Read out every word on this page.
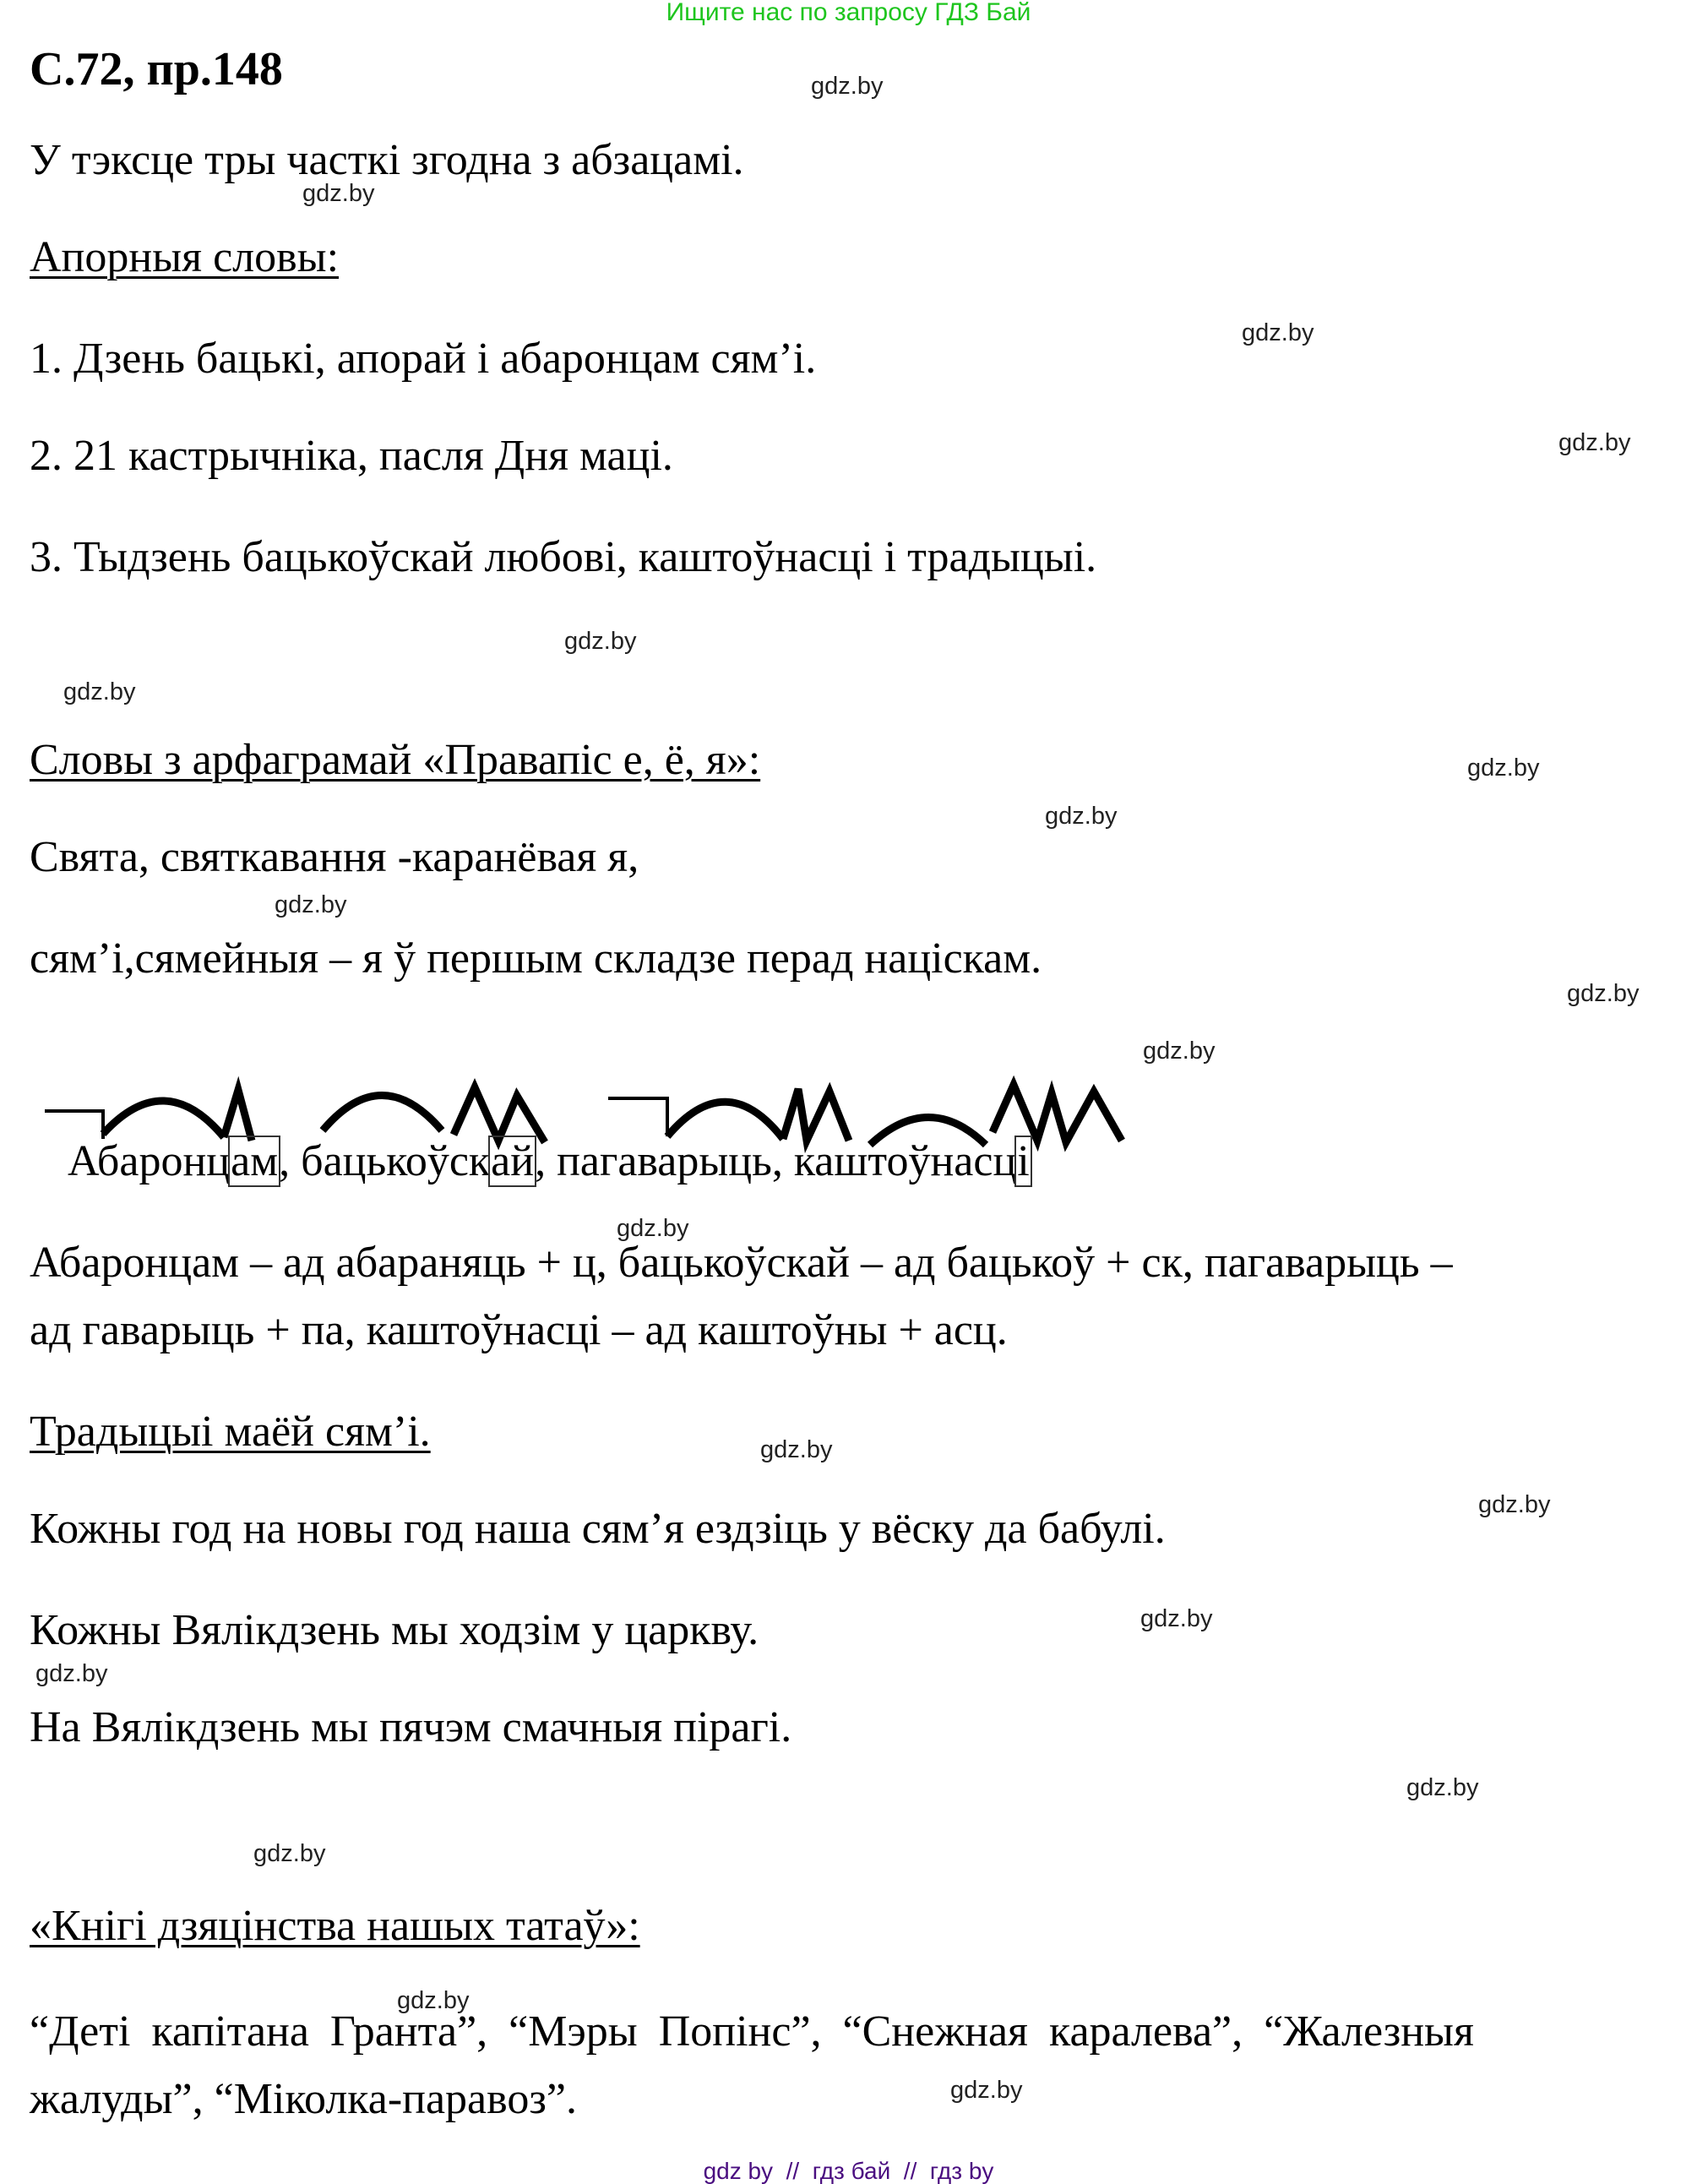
Ищите нас по запросу ГДЗ Бай
С.72, пр.148
У тэксце тры часткі згодна з абзацамі.
Апорныя словы:
1. Дзень бацькі, апорай і абаронцам сям’і.
2. 21 кастрычніка, пасля Дня маці.
3. Тыдзень бацькоўскай любові, каштоўнасці і традыцыі.
Словы з арфаграмай «Правапіс е, ё, я»:
Свята, святкавання -каранёвая я,
сям’і,сямейныя – я ў першым складзе перад націскам.
Абаронцам, бацькоўскай, пагаварыць, каштоўнасці
Абаронцам – ад абараняць + ц, бацькоўскай – ад бацькоў + ск, пагаварыць –
ад гаварыць + па, каштоўнасці – ад каштоўны + асц.
Традыцыі маёй сям’і.
Кожны год на новы год наша сям’я ездзіць у вёску да бабулі.
Кожны Вялікдзень мы ходзім у царкву.
На Вялікдзень мы пячэм смачныя пірагі.
«Кнігі дзяцінства нашых татаў»:
“Деті капітана Гранта”, “Мэры Попінс”, “Снежная каралева”, “Жалезныя
жалуды”, “Міколка-паравоз”.
gdz.by
gdz.by
gdz.by
gdz.by
gdz.by
gdz.by
gdz.by
gdz.by
gdz.by
gdz.by
gdz.by
gdz.by
gdz.by
gdz.by
gdz.by
gdz.by
gdz.by
gdz.by
gdz.by
gdz.by
gdz by  //  гдз бай  //  гдз by
